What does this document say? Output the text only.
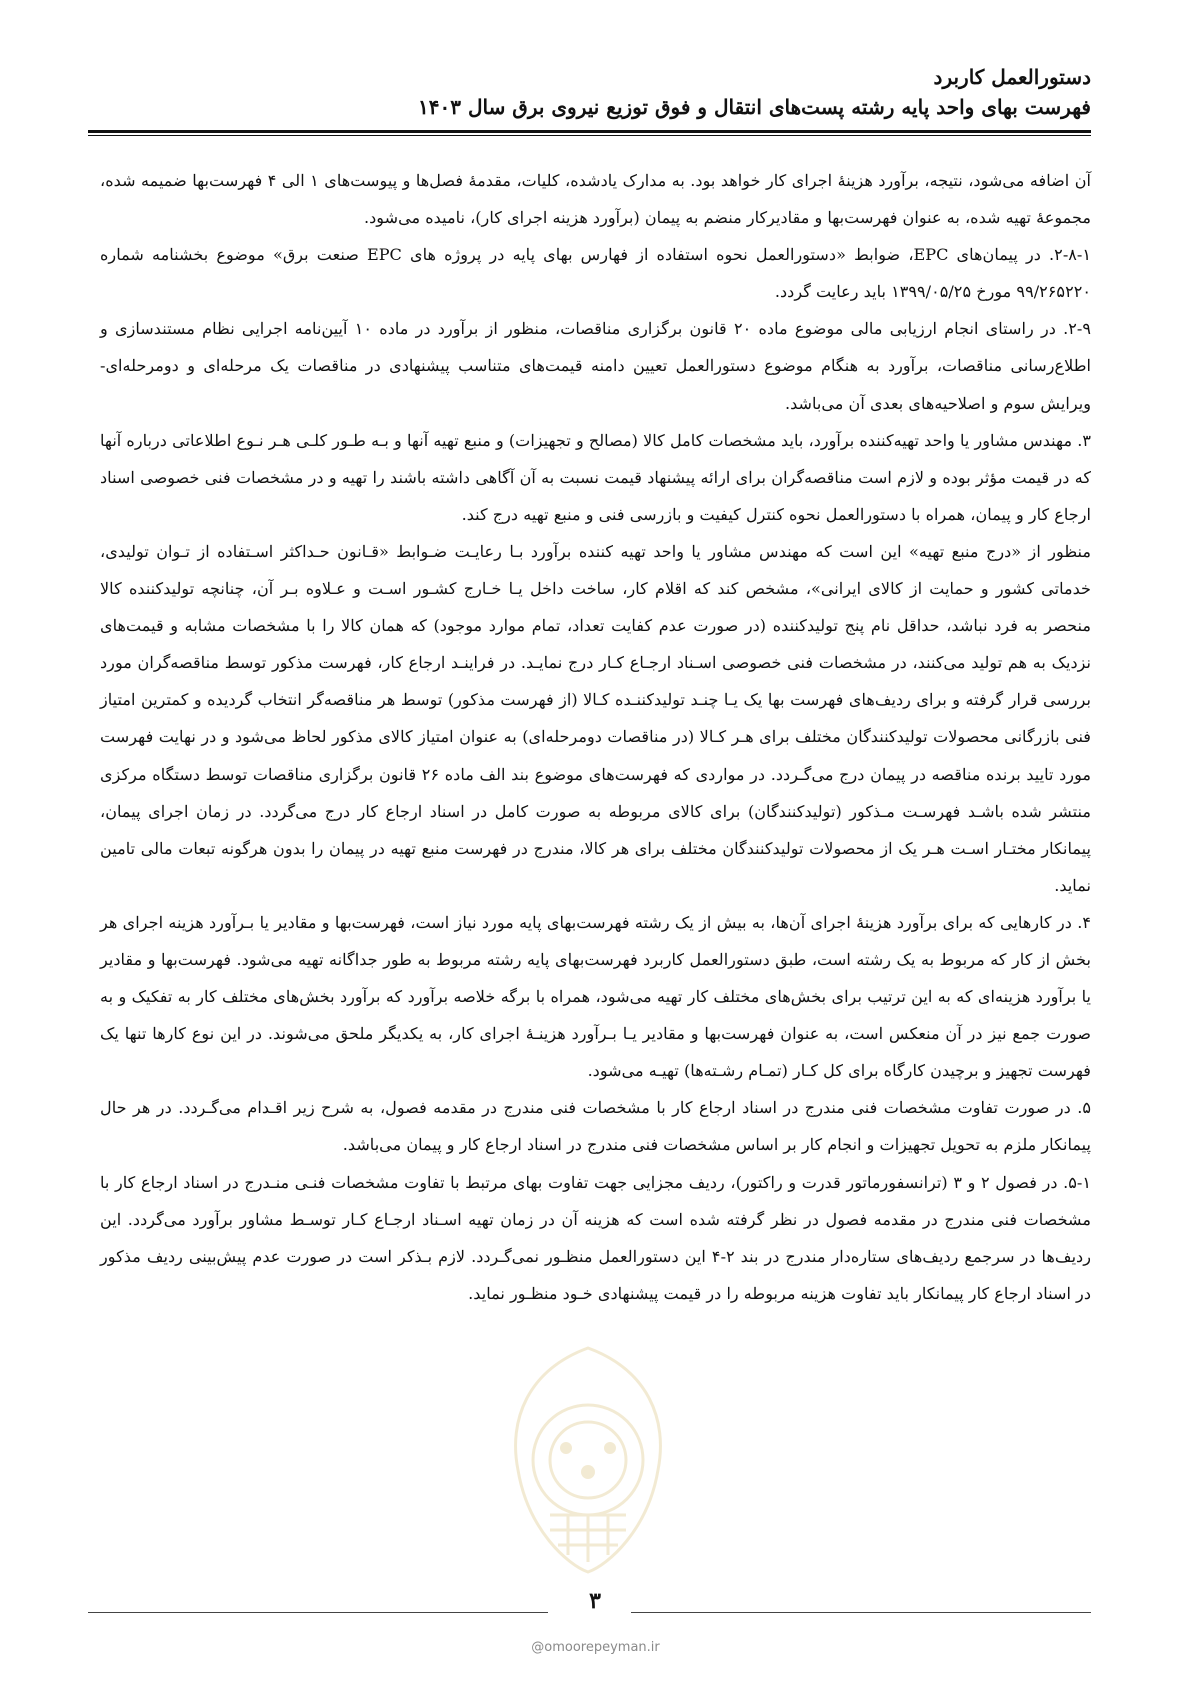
دستورالعمل کاربرد
فهرست بهای واحد پایه رشته پست‌های انتقال و فوق توزیع نیروی برق سال ۱۴۰۳

آن اضافه می‌شود، نتیجه، برآورد هزینهٔ اجرای کار خواهد بود. به مدارک یادشده، کلیات، مقدمهٔ فصل‌ها و پیوست‌های ۱ الی ۴ فهرست‌بها ضمیمه شده، مجموعهٔ تهیه شده، به عنوان فهرست‌بها و مقادیرکار منضم به پیمان (برآورد هزینه اجرای کار)، نامیده می‌شود.

۲-۸-۱. در پیمان‌های EPC، ضوابط «دستورالعمل نحوه استفاده از فهارس بهای پایه در پروژه های EPC صنعت برق» موضوع بخشنامه شماره ۹۹/۲۶۵۲۲۰ مورخ ۱۳۹۹/۰۵/۲۵ باید رعایت گردد.

۲-۹. در راستای انجام ارزیابی مالی موضوع ماده ۲۰ قانون برگزاری مناقصات، منظور از برآورد در ماده ۱۰ آیین‌نامه اجرایی نظام مستندسازی و اطلاع‌رسانی مناقصات، برآورد به هنگام موضوع دستورالعمل تعیین دامنه قیمت‌های متناسب پیشنهادی در مناقصات یک مرحله‌ای و دومرحله‌ای- ویرایش سوم و اصلاحیه‌های بعدی آن می‌باشد.

۳. مهندس مشاور یا واحد تهیه‌کننده برآورد، باید مشخصات کامل کالا (مصالح و تجهیزات) و منبع تهیه آنها و بـه طـور کلـی هـر نـوع اطلاعاتی درباره آنها که در قیمت مؤثر بوده و لازم است مناقصه‌گران برای ارائه پیشنهاد قیمت نسبت به آن آگاهی داشته باشند را تهیه و در مشخصات فنی خصوصی اسناد ارجاع کار و پیمان، همراه با دستورالعمل نحوه کنترل کیفیت و بازرسی فنی و منبع تهیه درج کند.

منظور از «درج منبع تهیه» این است که مهندس مشاور یا واحد تهیه کننده برآورد بـا رعایـت ضـوابط «قـانون حـداکثر اسـتفاده از تـوان تولیدی، خدماتی کشور و حمایت از کالای ایرانی»، مشخص کند که اقلام کار، ساخت داخل یـا خـارج کشـور اسـت و عـلاوه بـر آن، چنانچه تولیدکننده کالا منحصر به فرد نباشد، حداقل نام پنج تولیدکننده (در صورت عدم کفایت تعداد، تمام موارد موجود) که همان کالا را با مشخصات مشابه و قیمت‌های نزدیک به هم تولید می‌کنند، در مشخصات فنی خصوصی اسـناد ارجـاع کـار درج نمایـد. در فراینـد ارجاع کار، فهرست مذکور توسط مناقصه‌گران مورد بررسی قرار گرفته و برای ردیف‌های فهرست بها یک یـا چنـد تولیدکننـده کـالا (از فهرست مذکور) توسط هر مناقصه‌گر انتخاب گردیده و کمترین امتیاز فنی بازرگانی محصولات تولیدکنندگان مختلف برای هـر کـالا (در مناقصات دومرحله‌ای) به عنوان امتیاز کالای مذکور لحاظ می‌شود و در نهایت فهرست مورد تایید برنده مناقصه در پیمان درج می‌گـردد. در مواردی که فهرست‌های موضوع بند الف ماده ۲۶ قانون برگزاری مناقصات توسط دستگاه مرکزی منتشر شده باشـد فهرسـت مـذکور (تولیدکنندگان) برای کالای مربوطه به صورت کامل در اسناد ارجاع کار درج می‌گردد. در زمان اجرای پیمان، پیمانکار مختـار اسـت هـر یک از محصولات تولیدکنندگان مختلف برای هر کالا، مندرج در فهرست منبع تهیه در پیمان را بدون هرگونه تبعات مالی تامین نماید.

۴. در کارهایی که برای برآورد هزینهٔ اجرای آن‌ها، به بیش از یک رشته فهرست‌بهای پایه مورد نیاز است، فهرست‌بها و مقادیر یا بـرآورد هزینه اجرای هر بخش از کار که مربوط به یک رشته است، طبق دستورالعمل کاربرد فهرست‌بهای پایه رشته مربوط به طور جداگانه تهیه می‌شود. فهرست‌بها و مقادیر یا برآورد هزینه‌ای که به این ترتیب برای بخش‌های مختلف کار تهیه می‌شود، همراه با برگه خلاصه برآورد که برآورد بخش‌های مختلف کار به تفکیک و به صورت جمع نیز در آن منعکس است، به عنوان فهرست‌بها و مقادیر یـا بـرآورد هزینـهٔ اجرای کار، به یکدیگر ملحق می‌شوند. در این نوع کارها تنها یک فهرست تجهیز و برچیدن کارگاه برای کل کـار (تمـام رشـته‌ها) تهیـه می‌شود.

۵. در صورت تفاوت مشخصات فنی مندرج در اسناد ارجاع کار با مشخصات فنی مندرج در مقدمه فصول، به شرح زیر اقـدام می‌گـردد. در هر حال پیمانکار ملزم به تحویل تجهیزات و انجام کار بر اساس مشخصات فنی مندرج در اسناد ارجاع کار و پیمان می‌باشد.

۵-۱. در فصول ۲ و ۳ (ترانسفورماتور قدرت و راکتور)، ردیف مجزایی جهت تفاوت بهای مرتبط با تفاوت مشخصات فنـی منـدرج در اسناد ارجاع کار با مشخصات فنی مندرج در مقدمه فصول در نظر گرفته شده است که هزینه آن در زمان تهیه اسـناد ارجـاع کـار توسـط مشاور برآورد می‌گردد. این ردیف‌ها در سرجمع ردیف‌های ستاره‌دار مندرج در بند ۲-۴ این دستورالعمل منظـور نمی‌گـردد. لازم بـذکر است در صورت عدم پیش‌بینی ردیف مذکور در اسناد ارجاع کار پیمانکار باید تفاوت هزینه مربوطه را در قیمت پیشنهادی خـود منظـور نماید.

۳
@omoorepeyman.ir
